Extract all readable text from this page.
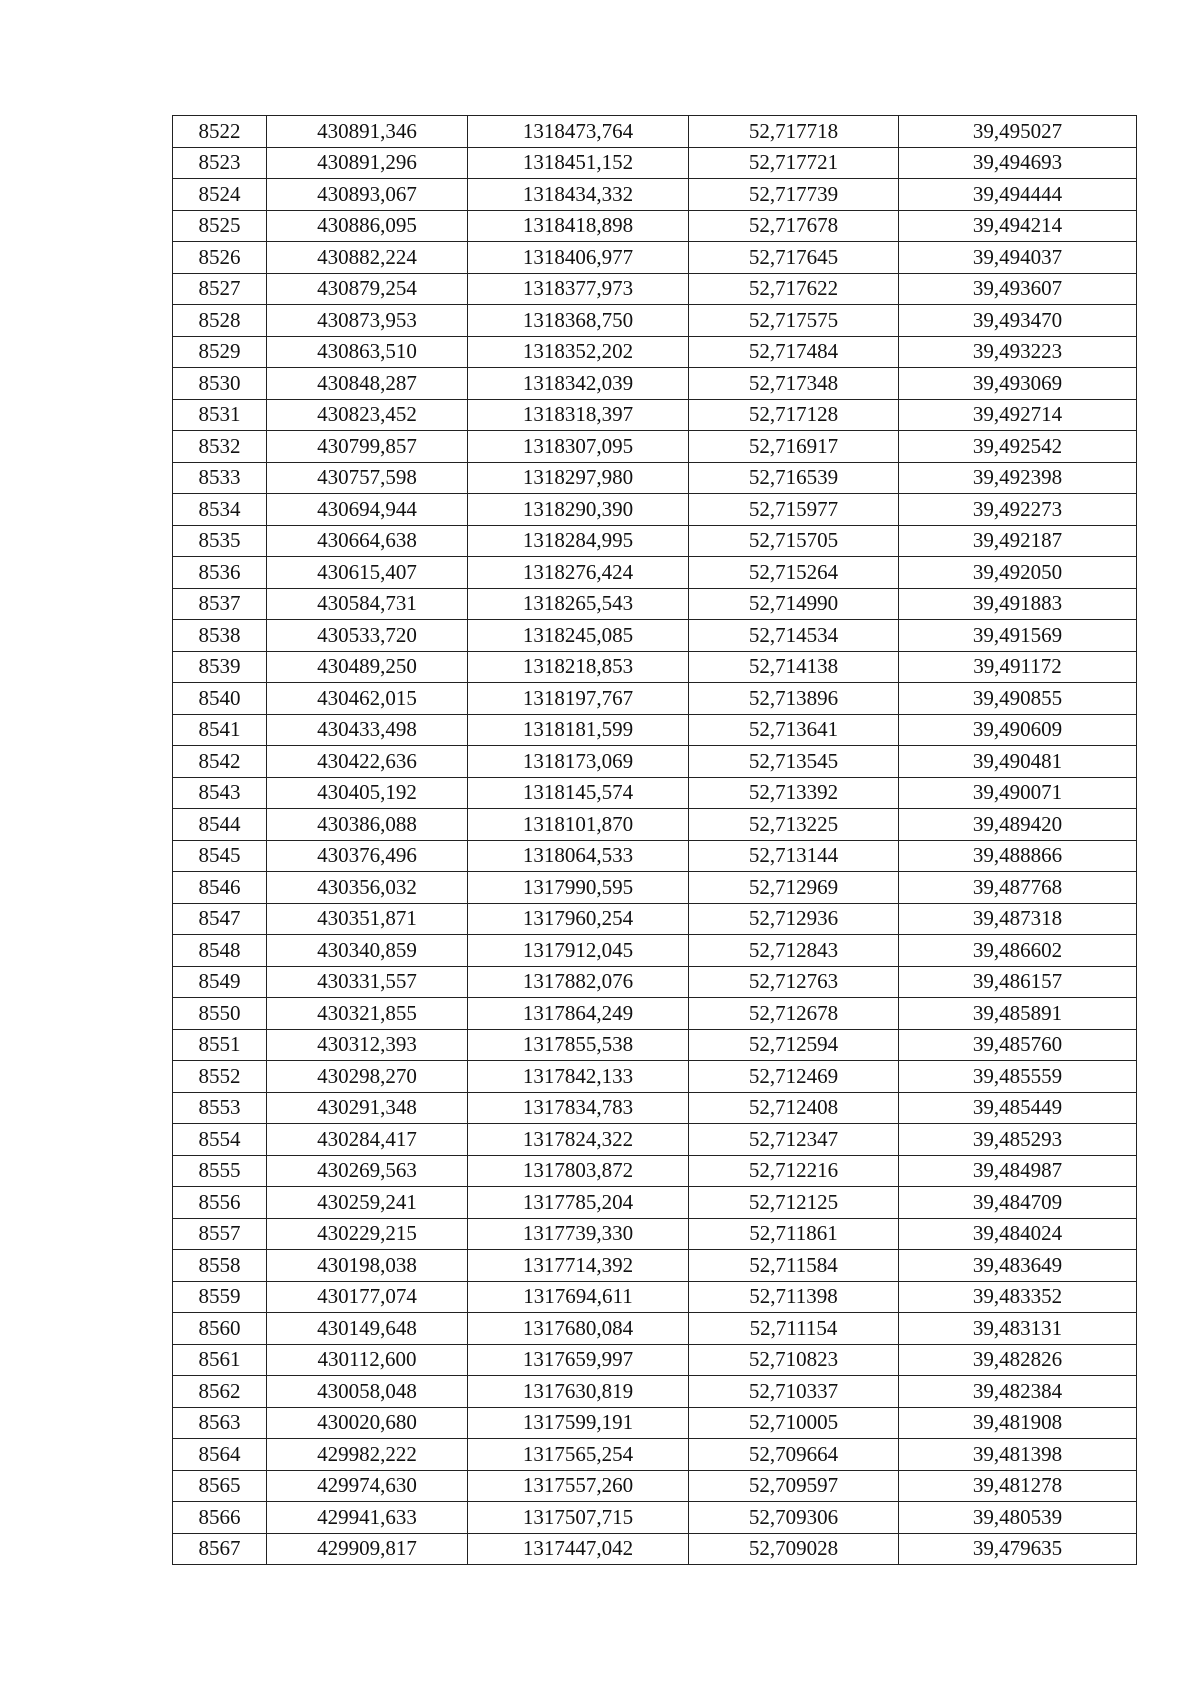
8522	430891,346	1318473,764	52,717718	39,495027
8523	430891,296	1318451,152	52,717721	39,494693
8524	430893,067	1318434,332	52,717739	39,494444
8525	430886,095	1318418,898	52,717678	39,494214
8526	430882,224	1318406,977	52,717645	39,494037
8527	430879,254	1318377,973	52,717622	39,493607
8528	430873,953	1318368,750	52,717575	39,493470
8529	430863,510	1318352,202	52,717484	39,493223
8530	430848,287	1318342,039	52,717348	39,493069
8531	430823,452	1318318,397	52,717128	39,492714
8532	430799,857	1318307,095	52,716917	39,492542
8533	430757,598	1318297,980	52,716539	39,492398
8534	430694,944	1318290,390	52,715977	39,492273
8535	430664,638	1318284,995	52,715705	39,492187
8536	430615,407	1318276,424	52,715264	39,492050
8537	430584,731	1318265,543	52,714990	39,491883
8538	430533,720	1318245,085	52,714534	39,491569
8539	430489,250	1318218,853	52,714138	39,491172
8540	430462,015	1318197,767	52,713896	39,490855
8541	430433,498	1318181,599	52,713641	39,490609
8542	430422,636	1318173,069	52,713545	39,490481
8543	430405,192	1318145,574	52,713392	39,490071
8544	430386,088	1318101,870	52,713225	39,489420
8545	430376,496	1318064,533	52,713144	39,488866
8546	430356,032	1317990,595	52,712969	39,487768
8547	430351,871	1317960,254	52,712936	39,487318
8548	430340,859	1317912,045	52,712843	39,486602
8549	430331,557	1317882,076	52,712763	39,486157
8550	430321,855	1317864,249	52,712678	39,485891
8551	430312,393	1317855,538	52,712594	39,485760
8552	430298,270	1317842,133	52,712469	39,485559
8553	430291,348	1317834,783	52,712408	39,485449
8554	430284,417	1317824,322	52,712347	39,485293
8555	430269,563	1317803,872	52,712216	39,484987
8556	430259,241	1317785,204	52,712125	39,484709
8557	430229,215	1317739,330	52,711861	39,484024
8558	430198,038	1317714,392	52,711584	39,483649
8559	430177,074	1317694,611	52,711398	39,483352
8560	430149,648	1317680,084	52,711154	39,483131
8561	430112,600	1317659,997	52,710823	39,482826
8562	430058,048	1317630,819	52,710337	39,482384
8563	430020,680	1317599,191	52,710005	39,481908
8564	429982,222	1317565,254	52,709664	39,481398
8565	429974,630	1317557,260	52,709597	39,481278
8566	429941,633	1317507,715	52,709306	39,480539
8567	429909,817	1317447,042	52,709028	39,479635
